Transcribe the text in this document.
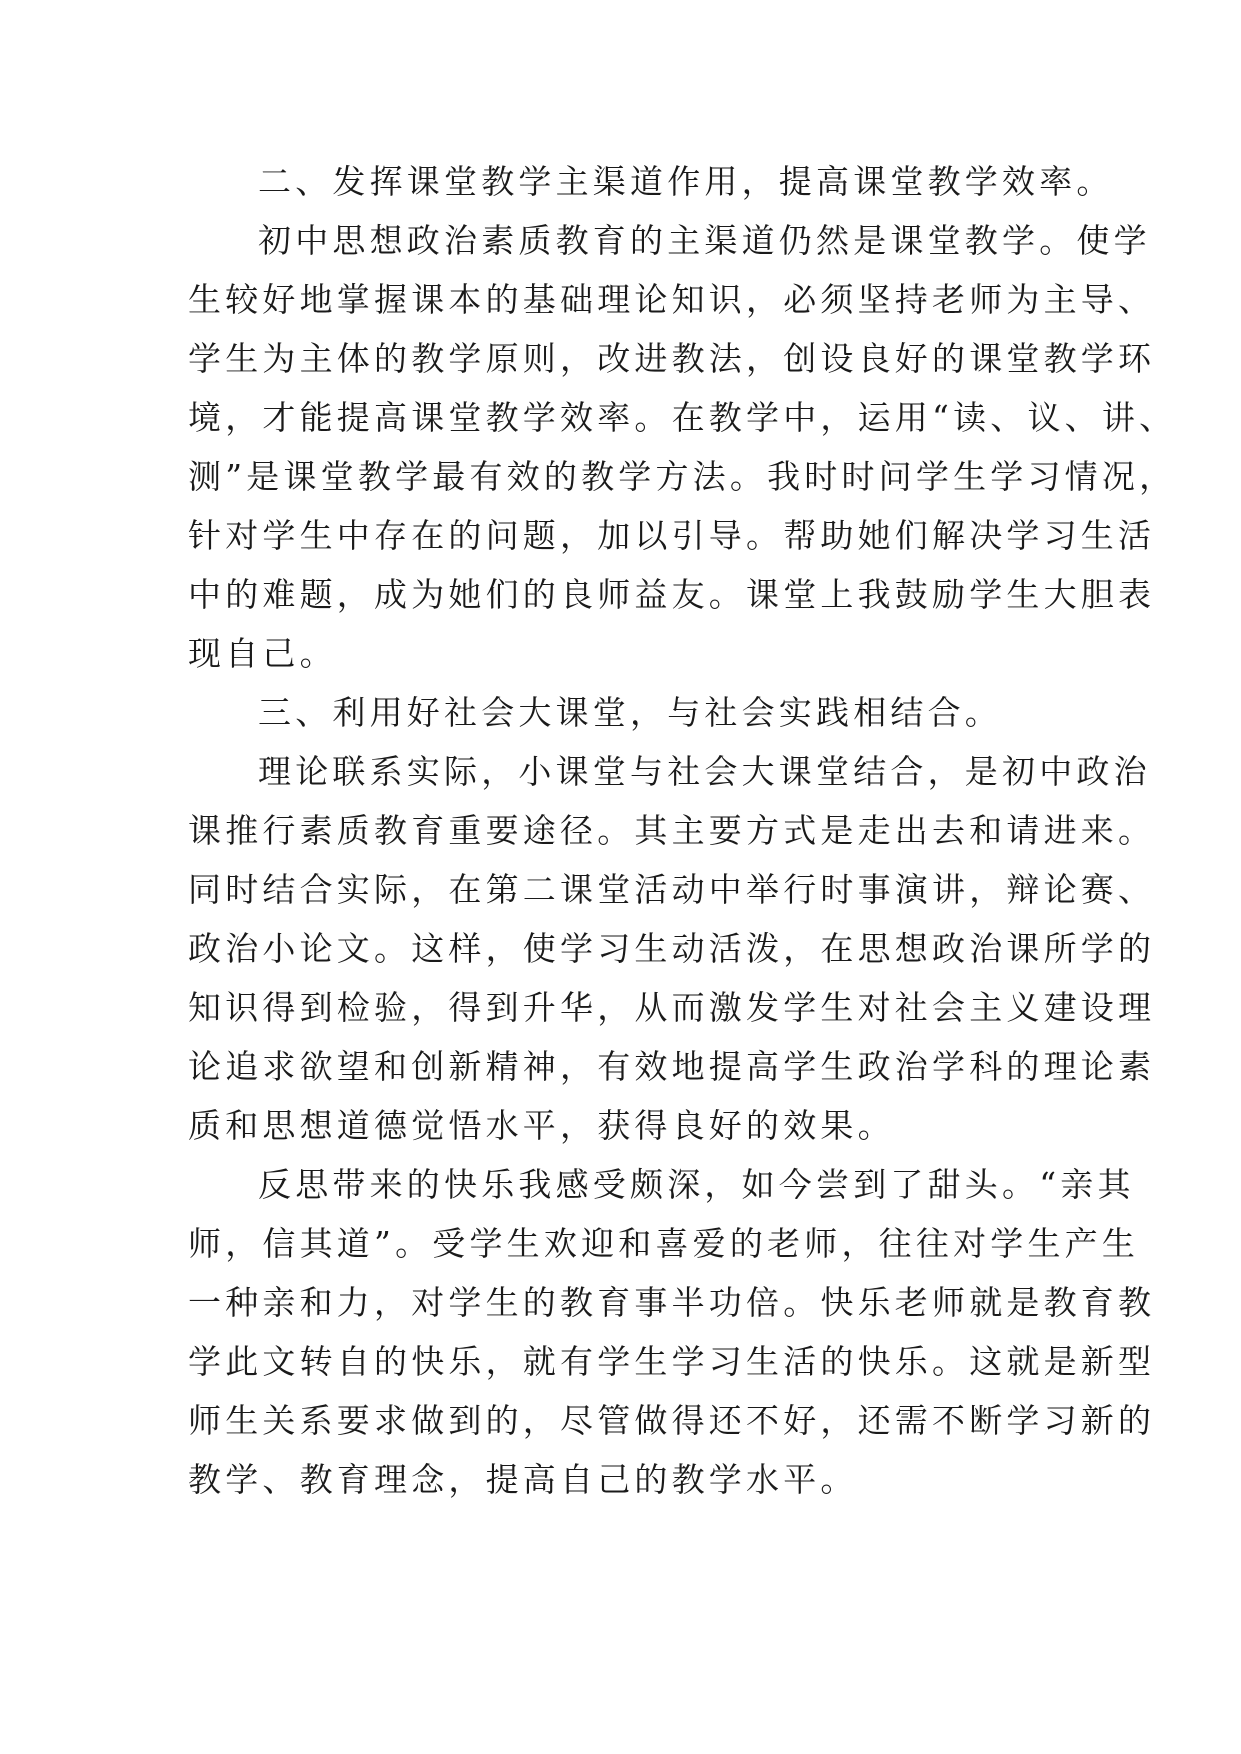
二、发挥课堂教学主渠道作用，提高课堂教学效率。
初中思想政治素质教育的主渠道仍然是课堂教学。使学
生较好地掌握课本的基础理论知识，必须坚持老师为主导、
学生为主体的教学原则，改进教法，创设良好的课堂教学环
境，才能提高课堂教学效率。在教学中，运用“读、议、讲、
测”是课堂教学最有效的教学方法。我时时问学生学习情况，
针对学生中存在的问题，加以引导。帮助她们解决学习生活
中的难题，成为她们的良师益友。课堂上我鼓励学生大胆表
现自己。
三、利用好社会大课堂，与社会实践相结合。
理论联系实际，小课堂与社会大课堂结合，是初中政治
课推行素质教育重要途径。其主要方式是走出去和请进来。
同时结合实际，在第二课堂活动中举行时事演讲，辩论赛、
政治小论文。这样，使学习生动活泼，在思想政治课所学的
知识得到检验，得到升华，从而激发学生对社会主义建设理
论追求欲望和创新精神，有效地提高学生政治学科的理论素
质和思想道德觉悟水平，获得良好的效果。
反思带来的快乐我感受颇深，如今尝到了甜头。“亲其
师，信其道”。受学生欢迎和喜爱的老师，往往对学生产生
一种亲和力，对学生的教育事半功倍。快乐老师就是教育教
学此文转自的快乐，就有学生学习生活的快乐。这就是新型
师生关系要求做到的，尽管做得还不好，还需不断学习新的
教学、教育理念，提高自己的教学水平。
